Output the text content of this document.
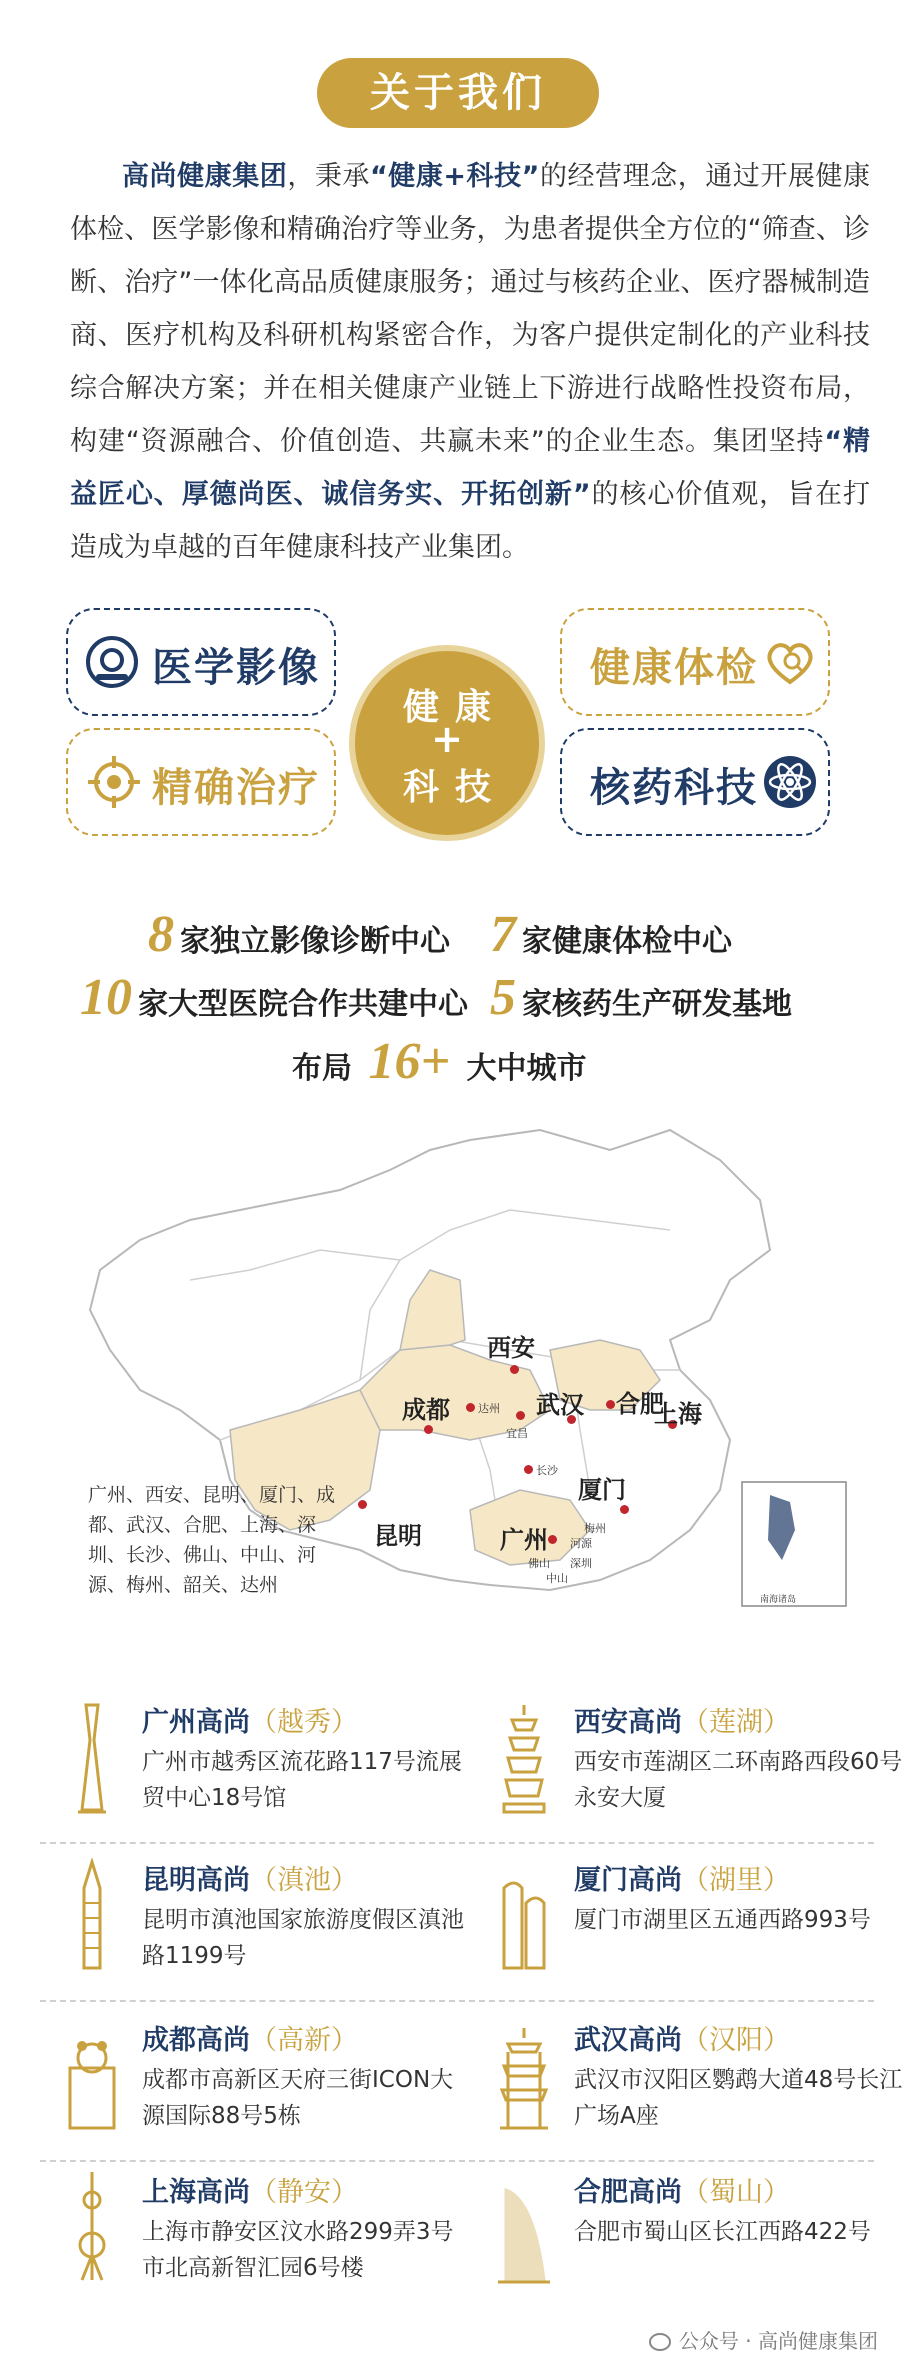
关于我们

高尚健康集团，秉承“健康+科技”的经营理念，通过开展健康体检、医学影像和精确治疗等业务，为患者提供全方位的“筛查、诊断、治疗”一体化高品质健康服务；通过与核药企业、医疗器械制造商、医疗机构及科研机构紧密合作，为客户提供定制化的产业科技综合解决方案；并在相关健康产业链上下游进行战略性投资布局，构建“资源融合、价值创造、共赢未来”的企业生态。集团坚持“精益匠心、厚德尚医、诚信务实、开拓创新”的核心价值观，旨在打造成为卓越的百年健康科技产业集团。

医学影像	健康体检
精确治疗	核药科技
健康
+
科技
8 家独立影像诊断中心 7 家健康体检中心
10 家大型医院合作共建中心 5 家核药生产研发基地
布局 16+ 大中城市
西安
成都	达州
宜昌
武汉 合肥
上海
长沙
厦门
昆明	广州 河源
梅州
佛山 深圳
中山
南海诸岛
广州、西安、昆明、厦门、成都、武汉、合肥、上海、深圳、长沙、佛山、中山、河源、梅州、韶关、达州
广州高尚（越秀）
广州市越秀区流花路117号流展贸中心18号馆
西安高尚（莲湖）
西安市莲湖区二环南路西段60号永安大厦
昆明高尚（滇池）
昆明市滇池国家旅游度假区滇池路1199号
厦门高尚（湖里）
厦门市湖里区五通西路993号
成都高尚（高新）
成都市高新区天府三街ICON大源国际88号5栋
武汉高尚（汉阳）
武汉市汉阳区鹦鹉大道48号长江广场A座
上海高尚（静安）
上海市静安区汶水路299弄3号市北高新智汇园6号楼
合肥高尚（蜀山）
合肥市蜀山区长江西路422号
公众号 · 高尚健康集团
